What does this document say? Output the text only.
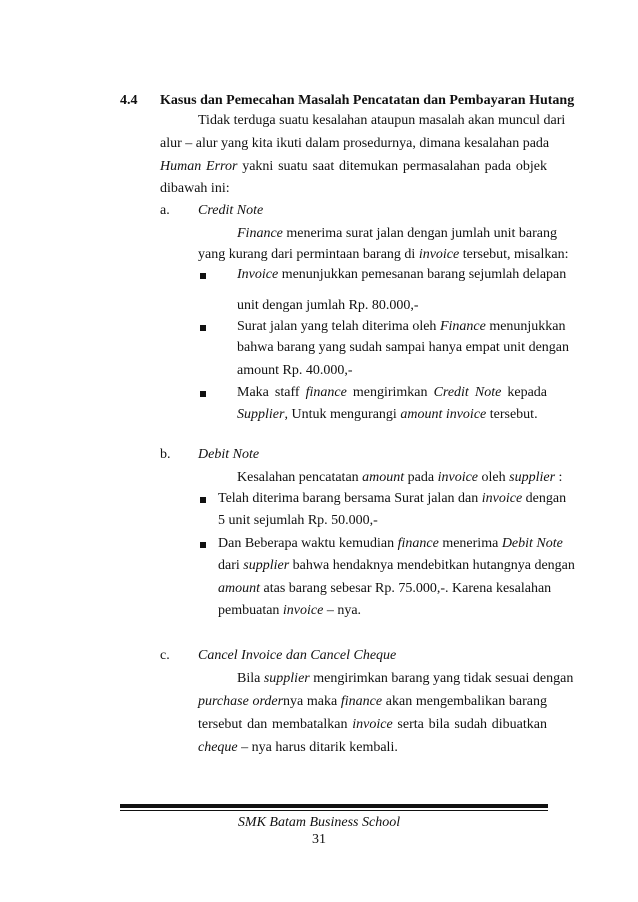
4.4 Kasus dan Pemecahan Masalah Pencatatan dan Pembayaran Hutang
Tidak terduga suatu kesalahan ataupun masalah akan muncul dari
alur – alur yang kita ikuti dalam prosedurnya, dimana kesalahan pada
Human Error yakni suatu saat ditemukan permasalahan pada objek
dibawah ini:
a. Credit Note
Finance menerima surat jalan dengan jumlah unit barang
yang kurang dari permintaan barang di invoice tersebut, misalkan:
Invoice menunjukkan pemesanan barang sejumlah delapan
unit dengan jumlah Rp. 80.000,-
Surat jalan yang telah diterima oleh Finance menunjukkan
bahwa barang yang sudah sampai hanya empat unit dengan
amount Rp. 40.000,-
Maka staff finance mengirimkan Credit Note kepada
Supplier, Untuk mengurangi amount invoice tersebut.
b. Debit Note
Kesalahan pencatatan amount pada invoice oleh supplier :
Telah diterima barang bersama Surat jalan dan invoice dengan
5 unit sejumlah Rp. 50.000,-
Dan Beberapa waktu kemudian finance menerima Debit Note
dari supplier bahwa hendaknya mendebitkan hutangnya dengan
amount atas barang sebesar Rp. 75.000,-. Karena kesalahan
pembuatan invoice – nya.
c. Cancel Invoice dan Cancel Cheque
Bila supplier mengirimkan barang yang tidak sesuai dengan
purchase ordernya maka finance akan mengembalikan barang
tersebut dan membatalkan invoice serta bila sudah dibuatkan
cheque – nya harus ditarik kembali.
SMK Batam Business School
31
